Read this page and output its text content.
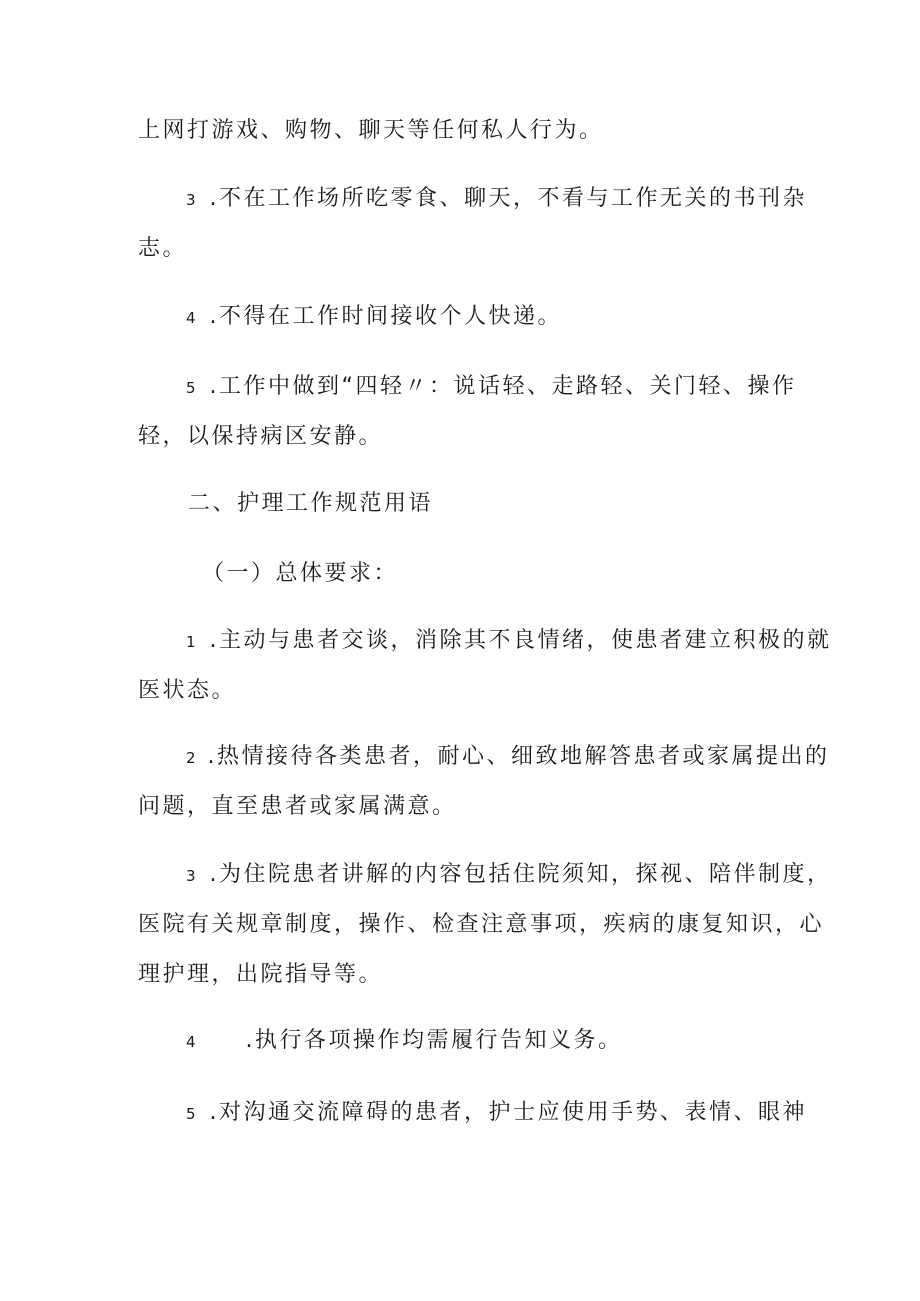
上网打游戏、购物、聊天等任何私人行为。
3 .不在工作场所吃零食、聊天，不看与工作无关的书刊杂
志。
4 .不得在工作时间接收个人快递。
5 .工作中做到“四轻〃：说话轻、走路轻、关门轻、操作
轻，以保持病区安静。
二、护理工作规范用语
（一）总体要求：
1 .主动与患者交谈，消除其不良情绪，使患者建立积极的就
医状态。
2 .热情接待各类患者，耐心、细致地解答患者或家属提出的
问题，直至患者或家属满意。
3 .为住院患者讲解的内容包括住院须知，探视、陪伴制度，
医院有关规章制度，操作、检查注意事项，疾病的康复知识，心
理护理，出院指导等。
4 .执行各项操作均需履行告知义务。
5 .对沟通交流障碍的患者，护士应使用手势、表情、眼神
